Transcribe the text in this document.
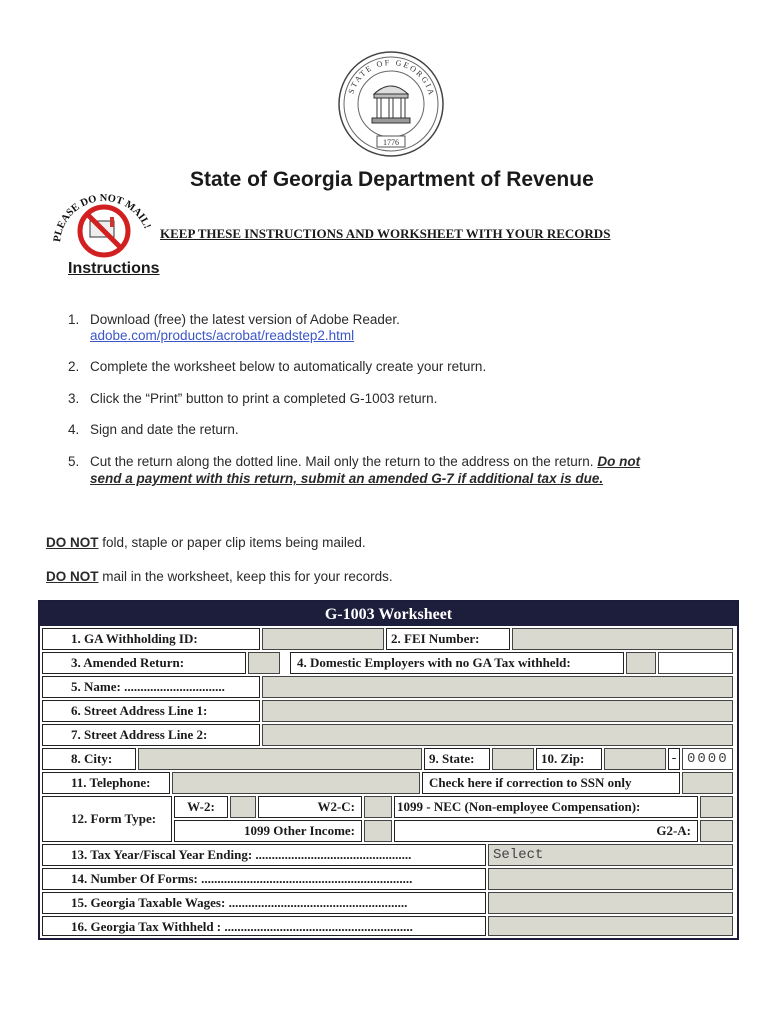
STATE OF GEORGIA
1776
PLEASE DO NOT MAIL!
State of Georgia Department of Revenue
KEEP THESE INSTRUCTIONS AND WORKSHEET WITH YOUR RECORDS
Instructions
1. Download (free) the latest version of Adobe Reader.
adobe.com/products/acrobat/readstep2.html
2. Complete the worksheet below to automatically create your return.
3. Click the “Print” button to print a completed G-1003 return.
4. Sign and date the return.
5. Cut the return along the dotted line. Mail only the return to the address on the return. Do not
send a payment with this return, submit an amended G-7 if additional tax is due.
DO NOT fold, staple or paper clip items being mailed.
DO NOT mail in the worksheet, keep this for your records.
G-1003 Worksheet
1. GA Withholding ID:	2. FEI Number:
3. Amended Return:	4. Domestic Employers with no GA Tax withheld:
5. Name: ...............................
6. Street Address Line 1:
7. Street Address Line 2:
8. City:	9. State:	10. Zip:	- 0000
11. Telephone:	Check here if correction to SSN only
12. Form Type:
W-2:	W2-C:	1099 - NEC (Non-employee Compensation):
1099 Other Income:	G2-A:
13. Tax Year/Fiscal Year Ending: ................................................	Select
14. Number Of Forms: .................................................................
15. Georgia Taxable Wages: .......................................................
16. Georgia Tax Withheld : ..........................................................
